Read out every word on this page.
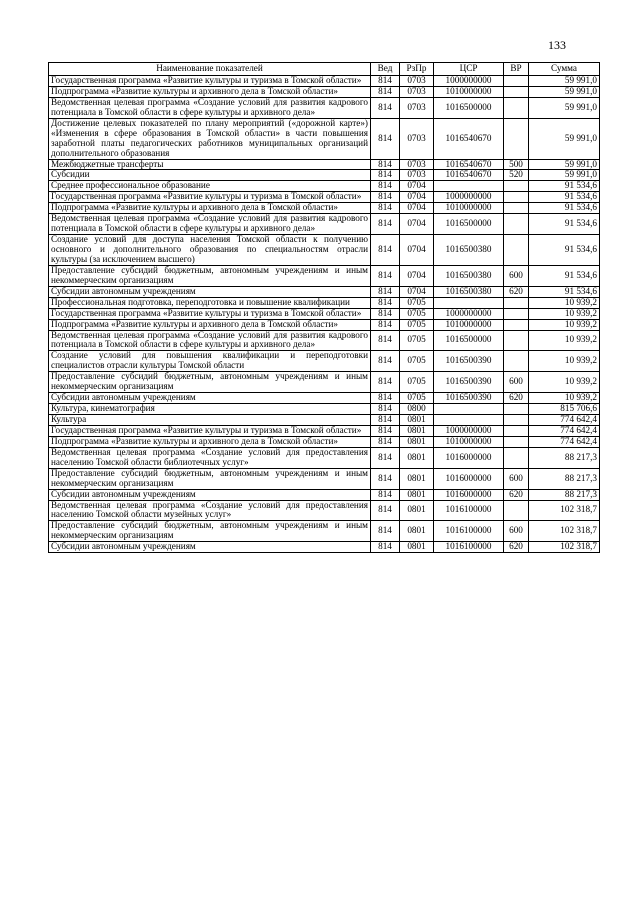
133
Наименование показателей	Вед	РзПр	ЦСР	ВР	Сумма
Государственная программа «Развитие культуры и туризма в Томской области»	814	0703	1000000000		59 991,0
Подпрограмма «Развитие культуры и архивного дела в Томской области»	814	0703	1010000000		59 991,0
Ведомственная целевая программа «Создание условий для развития кадрового потенциала в Томской области в сфере культуры и архивного дела»	814	0703	1016500000		59 991,0
Достижение целевых показателей по плану мероприятий («дорожной карте») «Изменения в сфере образования в Томской области» в части повышения заработной платы педагогических работников муниципальных организаций дополнительного образования	814	0703	1016540670		59 991,0
Межбюджетные трансферты	814	0703	1016540670	500	59 991,0
Субсидии	814	0703	1016540670	520	59 991,0
Среднее профессиональное образование	814	0704			91 534,6
Государственная программа «Развитие культуры и туризма в Томской области»	814	0704	1000000000		91 534,6
Подпрограмма «Развитие культуры и архивного дела в Томской области»	814	0704	1010000000		91 534,6
Ведомственная целевая программа «Создание условий для развития кадрового потенциала в Томской области в сфере культуры и архивного дела»	814	0704	1016500000		91 534,6
Создание условий для доступа населения Томской области к получению основного и дополнительного образования по специальностям отрасли культуры (за исключением высшего)	814	0704	1016500380		91 534,6
Предоставление субсидий бюджетным, автономным учреждениям и иным некоммерческим организациям	814	0704	1016500380	600	91 534,6
Субсидии автономным учреждениям	814	0704	1016500380	620	91 534,6
Профессиональная подготовка, переподготовка и повышение квалификации	814	0705			10 939,2
Государственная программа «Развитие культуры и туризма в Томской области»	814	0705	1000000000		10 939,2
Подпрограмма «Развитие культуры и архивного дела в Томской области»	814	0705	1010000000		10 939,2
Ведомственная целевая программа «Создание условий для развития кадрового потенциала в Томской области в сфере культуры и архивного дела»	814	0705	1016500000		10 939,2
Создание условий для повышения квалификации и переподготовки специалистов отрасли культуры Томской области	814	0705	1016500390		10 939,2
Предоставление субсидий бюджетным, автономным учреждениям и иным некоммерческим организациям	814	0705	1016500390	600	10 939,2
Субсидии автономным учреждениям	814	0705	1016500390	620	10 939,2
Культура, кинематография	814	0800			815 706,6
Культура	814	0801			774 642,4
Государственная программа «Развитие культуры и туризма в Томской области»	814	0801	1000000000		774 642,4
Подпрограмма «Развитие культуры и архивного дела в Томской области»	814	0801	1010000000		774 642,4
Ведомственная целевая программа «Создание условий для предоставления населению Томской области библиотечных услуг»	814	0801	1016000000		88 217,3
Предоставление субсидий бюджетным, автономным учреждениям и иным некоммерческим организациям	814	0801	1016000000	600	88 217,3
Субсидии автономным учреждениям	814	0801	1016000000	620	88 217,3
Ведомственная целевая программа «Создание условий для предоставления населению Томской области музейных услуг»	814	0801	1016100000		102 318,7
Предоставление субсидий бюджетным, автономным учреждениям и иным некоммерческим организациям	814	0801	1016100000	600	102 318,7
Субсидии автономным учреждениям	814	0801	1016100000	620	102 318,7
